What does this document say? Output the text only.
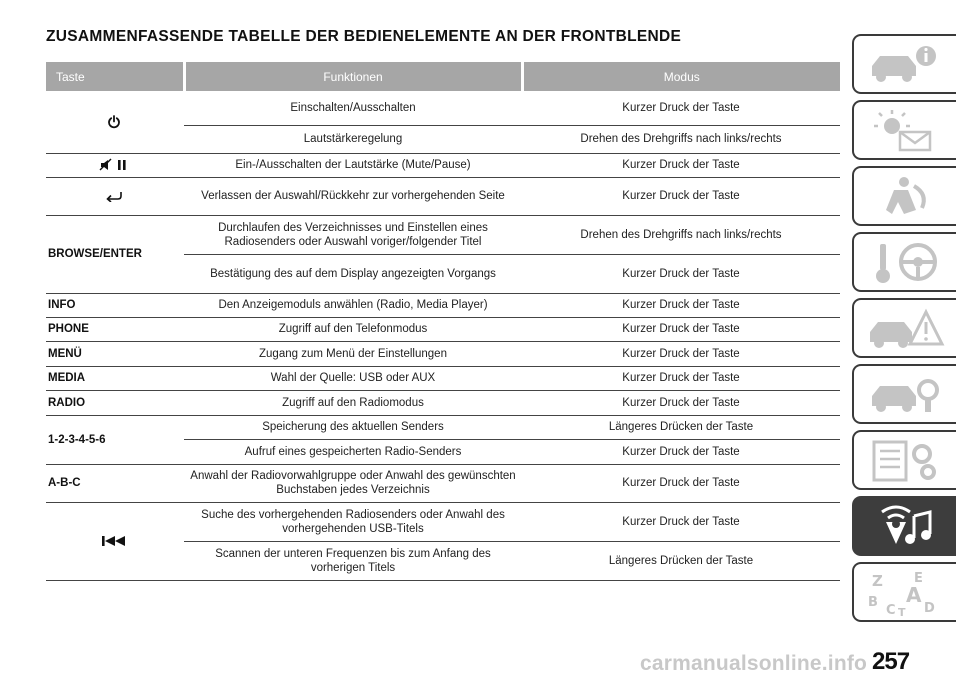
ZUSAMMENFASSENDE TABELLE DER BEDIENELEMENTE AN DER FRONTBLENDE
Taste	Funktionen	Modus
	Einschalten/Ausschalten	Kurzer Druck der Taste
	Lautstärkeregelung	Drehen des Drehgriffs nach links/rechts
	Ein-/Ausschalten der Lautstärke (Mute/Pause)	Kurzer Druck der Taste
	Verlassen der Auswahl/Rückkehr zur vorhergehenden Seite	Kurzer Druck der Taste
BROWSE/ENTER	Durchlaufen des Verzeichnisses und Einstellen eines Radiosenders oder Auswahl voriger/folgender Titel	Drehen des Drehgriffs nach links/rechts
	Bestätigung des auf dem Display angezeigten Vorgangs	Kurzer Druck der Taste
INFO	Den Anzeigemoduls anwählen (Radio, Media Player)	Kurzer Druck der Taste
PHONE	Zugriff auf den Telefonmodus	Kurzer Druck der Taste
MENÜ	Zugang zum Menü der Einstellungen	Kurzer Druck der Taste
MEDIA	Wahl der Quelle: USB oder AUX	Kurzer Druck der Taste
RADIO	Zugriff auf den Radiomodus	Kurzer Druck der Taste
1-2-3-4-5-6	Speicherung des aktuellen Senders	Längeres Drücken der Taste
	Aufruf eines gespeicherten Radio-Senders	Kurzer Druck der Taste
A-B-C	Anwahl der Radiovorwahlgruppe oder Anwahl des gewünschten Buchstaben jedes Verzeichnis	Kurzer Druck der Taste
	Suche des vorhergehenden Radiosenders oder Anwahl des vorhergehenden USB-Titels	Kurzer Druck der Taste
	Scannen der unteren Frequenzen bis zum Anfang des vorherigen Titels	Längeres Drücken der Taste
Z E
B A
C D
T
carmanualsonline.info 257
